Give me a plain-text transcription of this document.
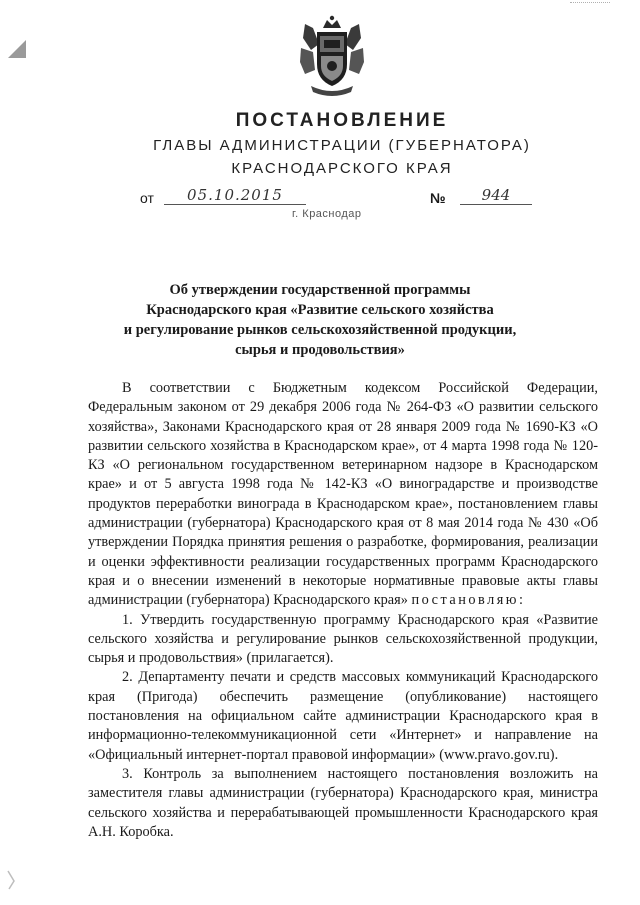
ПОСТАНОВЛЕНИЕ
ГЛАВЫ АДМИНИСТРАЦИИ (ГУБЕРНАТОРА)
КРАСНОДАРСКОГО КРАЯ
от	05.10.2015	№	944
г. Краснодар
Об утверждении государственной программы
Краснодарского края «Развитие сельского хозяйства
и регулирование рынков сельскохозяйственной продукции,
сырья и продовольствия»

В соответствии с Бюджетным кодексом Российской Федерации, Федеральным законом от 29 декабря 2006 года № 264-ФЗ «О развитии сельского хозяйства», Законами Краснодарского края от 28 января 2009 года № 1690-КЗ «О развитии сельского хозяйства в Краснодарском крае», от 4 марта 1998 года № 120-КЗ «О региональном государственном ветеринарном надзоре в Краснодарском крае» и от 5 августа 1998 года № 142-КЗ «О виноградарстве и производстве продуктов переработки винограда в Краснодарском крае», постановлением главы администрации (губернатора) Краснодарского края от 8 мая 2014 года № 430 «Об утверждении Порядка принятия решения о разработке, формирования, реализации и оценки эффективности реализации государственных программ Краснодарского края и о внесении изменений в некоторые нормативные правовые акты главы администрации (губернатора) Краснодарского края» постановляю:

1. Утвердить государственную программу Краснодарского края «Развитие сельского хозяйства и регулирование рынков сельскохозяйственной продукции, сырья и продовольствия» (прилагается).

2. Департаменту печати и средств массовых коммуникаций Краснодарского края (Пригода) обеспечить размещение (опубликование) настоящего постановления на официальном сайте администрации Краснодарского края в информационно-телекоммуникационной сети «Интернет» и направление на «Официальный интернет-портал правовой информации» (www.pravo.gov.ru).

3. Контроль за выполнением настоящего постановления возложить на заместителя главы администрации (губернатора) Краснодарского края, министра сельского хозяйства и перерабатывающей промышленности Краснодарского края А.Н. Коробка.
